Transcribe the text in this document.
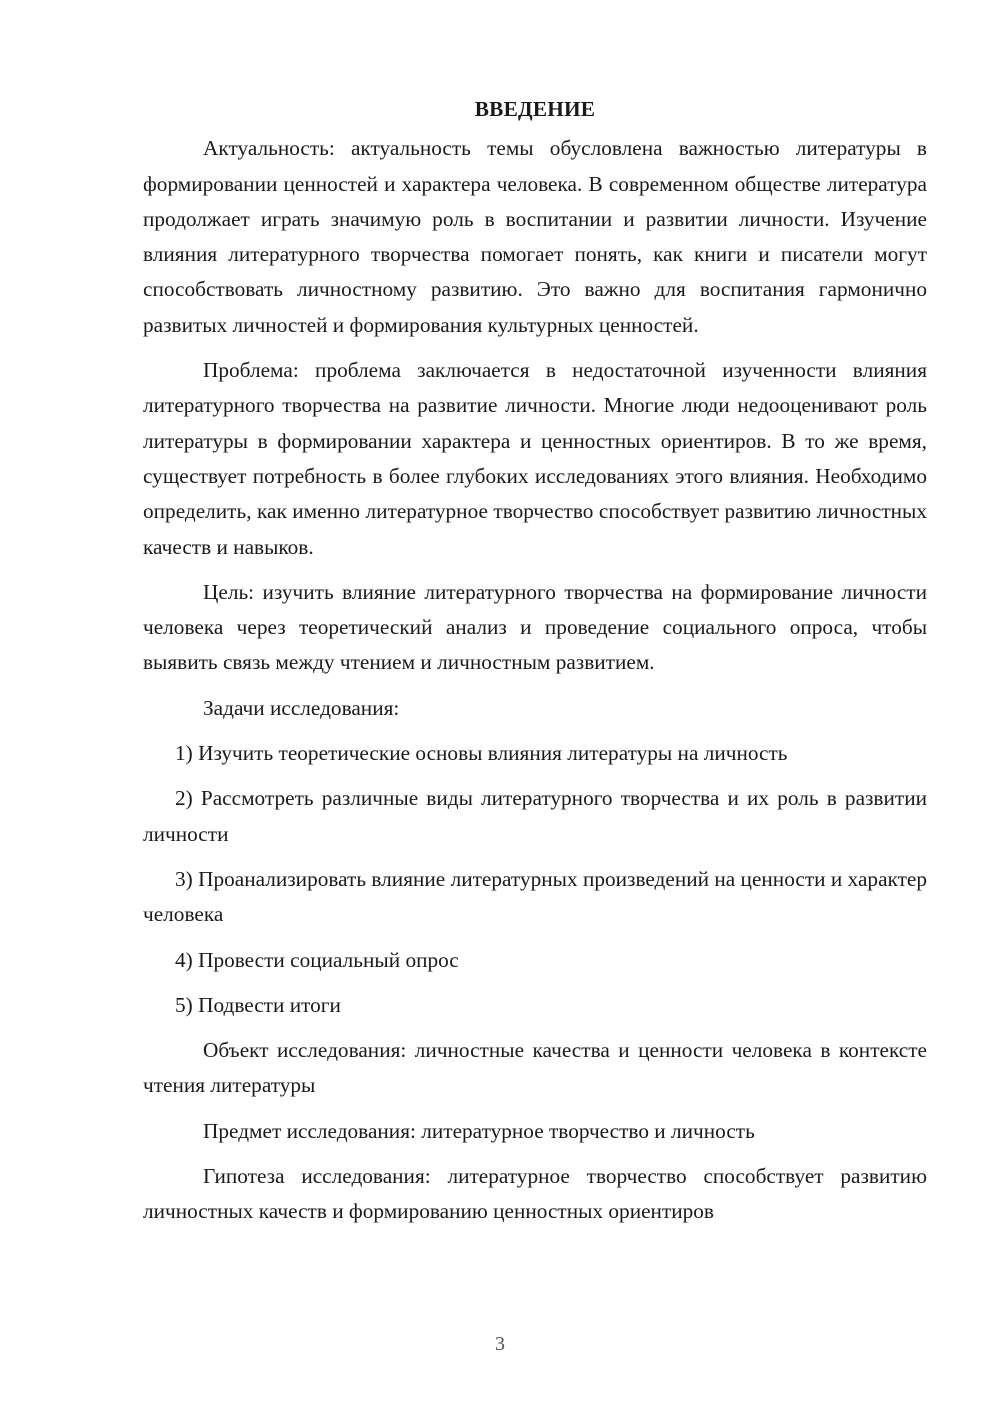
ВВЕДЕНИЕ

Актуальность: актуальность темы обусловлена важностью литературы в формировании ценностей и характера человека. В современном обществе литература продолжает играть значимую роль в воспитании и развитии личности. Изучение влияния литературного творчества помогает понять, как книги и писатели могут способствовать личностному развитию. Это важно для воспитания гармонично развитых личностей и формирования культурных ценностей.

Проблема: проблема заключается в недостаточной изученности влияния литературного творчества на развитие личности. Многие люди недооценивают роль литературы в формировании характера и ценностных ориентиров. В то же время, существует потребность в более глубоких исследованиях этого влияния. Необходимо определить, как именно литературное творчество способствует развитию личностных качеств и навыков.

Цель: изучить влияние литературного творчества на формирование личности человека через теоретический анализ и проведение социального опроса, чтобы выявить связь между чтением и личностным развитием.

Задачи исследования:

1) Изучить теоретические основы влияния литературы на личность

2) Рассмотреть различные виды литературного творчества и их роль в развитии личности

3) Проанализировать влияние литературных произведений на ценности и характер человека

4) Провести социальный опрос

5) Подвести итоги

Объект исследования: личностные качества и ценности человека в контексте чтения литературы

Предмет исследования: литературное творчество и личность

Гипотеза исследования: литературное творчество способствует развитию личностных качеств и формированию ценностных ориентиров

3
